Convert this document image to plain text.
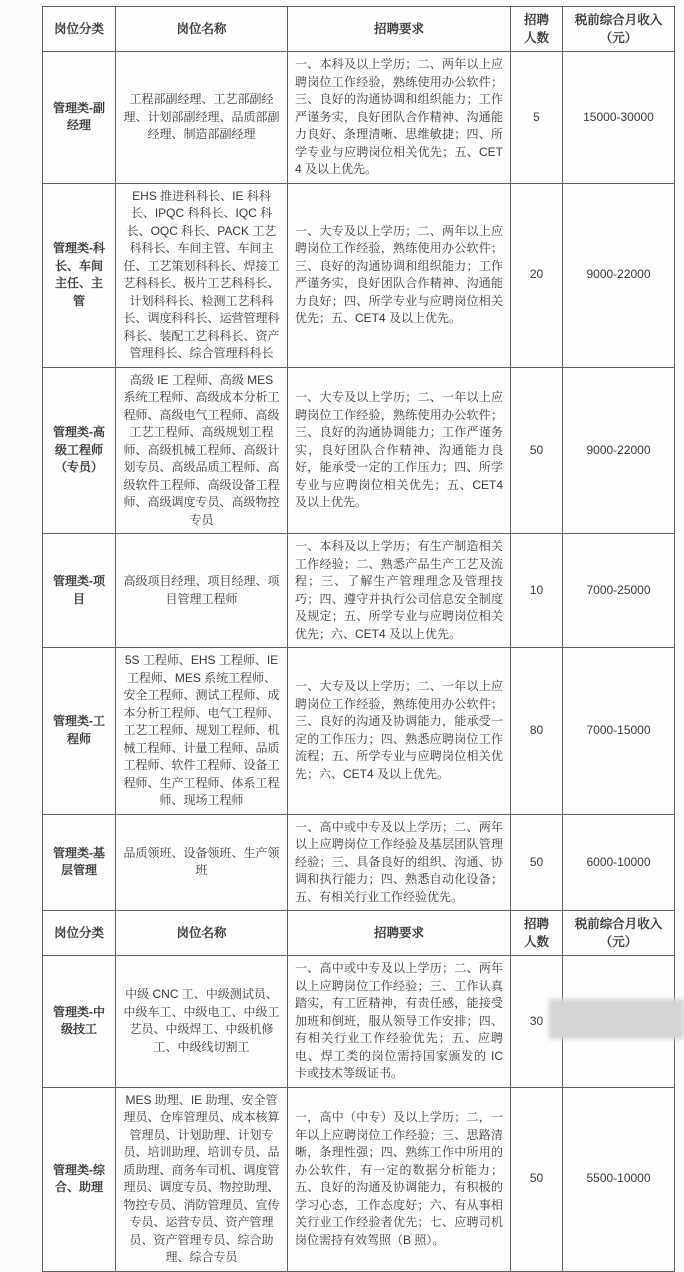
岗位分类	岗位名称	招聘要求	招聘人数	税前综合月收入（元）
管理类-副经理	工程部副经理、工艺部副经理、计划部副经理、品质部副经理、制造部副经理	一、本科及以上学历；二、两年以上应聘岗位工作经验，熟练使用办公软件；三、良好的沟通协调和组织能力；工作严谨务实，良好团队合作精神、沟通能力良好、条理清晰、思维敏捷；四、所学专业与应聘岗位相关优先；五、CET4 及以上优先。	5	15000-30000
管理类-科长、车间主任、主管	EHS 推进科科长、IE 科科长、IPQC 科科长、IQC 科长、OQC 科长、PACK 工艺科科长、车间主管、车间主任、工艺策划科科长、焊接工艺科科长、极片工艺科科长、计划科科长、检测工艺科科长、调度科科长、运营管理科科长、装配工艺科科长、资产管理科长、综合管理科科长	一、大专及以上学历；二、两年以上应聘岗位工作经验，熟练使用办公软件；三、良好的沟通协调和组织能力；工作严谨务实，良好团队合作精神、沟通能力良好；四、所学专业与应聘岗位相关优先；五、CET4 及以上优先。	20	9000-22000
管理类-高级工程师（专员）	高级 IE 工程师、高级 MES 系统工程师、高级成本分析工程师、高级电气工程师、高级工艺工程师、高级规划工程师、高级机械工程师、高级计划专员、高级品质工程师、高级软件工程师、高级设备工程师、高级调度专员、高级物控专员	一、大专及以上学历；二、一年以上应聘岗位工作经验，熟练使用办公软件；三、良好的沟通协调能力；工作严谨务实，良好团队合作精神、沟通能力良好，能承受一定的工作压力；四、所学专业与应聘岗位相关优先；五、CET4 及以上优先。	50	9000-22000
管理类-项目	高级项目经理、项目经理、项目管理工程师	一、本科及以上学历；有生产制造相关工作经验；二、熟悉产品生产工艺及流程；三、了解生产管理理念及管理技巧；四、遵守并执行公司信息安全制度及规定；五、所学专业与应聘岗位相关优先；六、CET4 及以上优先。	10	7000-25000
管理类-工程师	5S 工程师、EHS 工程师、IE 工程师、MES 系统工程师、安全工程师、测试工程师、成本分析工程师、电气工程师、工艺工程师、规划工程师、机械工程师、计量工程师、品质工程师、软件工程师、设备工程师、生产工程师、体系工程师、现场工程师	一、大专及以上学历；二、一年以上应聘岗位工作经验，熟练使用办公软件；三、良好的沟通及协调能力，能承受一定的工作压力；四、熟悉应聘岗位工作流程；五、所学专业与应聘岗位相关优先；六、CET4 及以上优先。	80	7000-15000
管理类-基层管理	品质领班、设备领班、生产领班	一、高中或中专及以上学历；二、两年以上应聘岗位工作经验及基层团队管理经验；三、具备良好的组织、沟通、协调和执行能力；四、熟悉自动化设备；五、有相关行业工作经验优先。	50	6000-10000
岗位分类	岗位名称	招聘要求	招聘人数	税前综合月收入（元）
管理类-中级技工	中级 CNC 工、中级测试员、中级车工、中级电工、中级工艺员、中级焊工、中级机修工、中级线切割工	一、高中或中专及以上学历；二、两年以上应聘岗位工作经验；三、工作认真踏实，有工匠精神，有责任感，能接受加班和倒班，服从领导工作安排；四、有相关行业工作经验优先；五、应聘电、焊工类的岗位需持国家颁发的 IC 卡或技术等级证书。	30	
管理类-综合、助理	MES 助理、IE 助理、安全管理员、仓库管理员、成本核算管理员、计划助理、计划专员、培训助理、培训专员、品质助理、商务车司机、调度管理员、调度专员、物控助理、物控专员、消防管理员、宣传专员、运营专员、资产管理员、资产管理专员、综合助理、综合专员	一，高中（中专）及以上学历；二，一年以上应聘岗位工作经验；三、思路清晰，条理性强；四、熟练工作中所用的办公软件，有一定的数据分析能力；五、良好的沟通及协调能力，有积极的学习心态，工作态度好；六、有从事相关行业工作经验者优先；七、应聘司机岗位需持有效驾照（B 照）。	50	5500-10000
